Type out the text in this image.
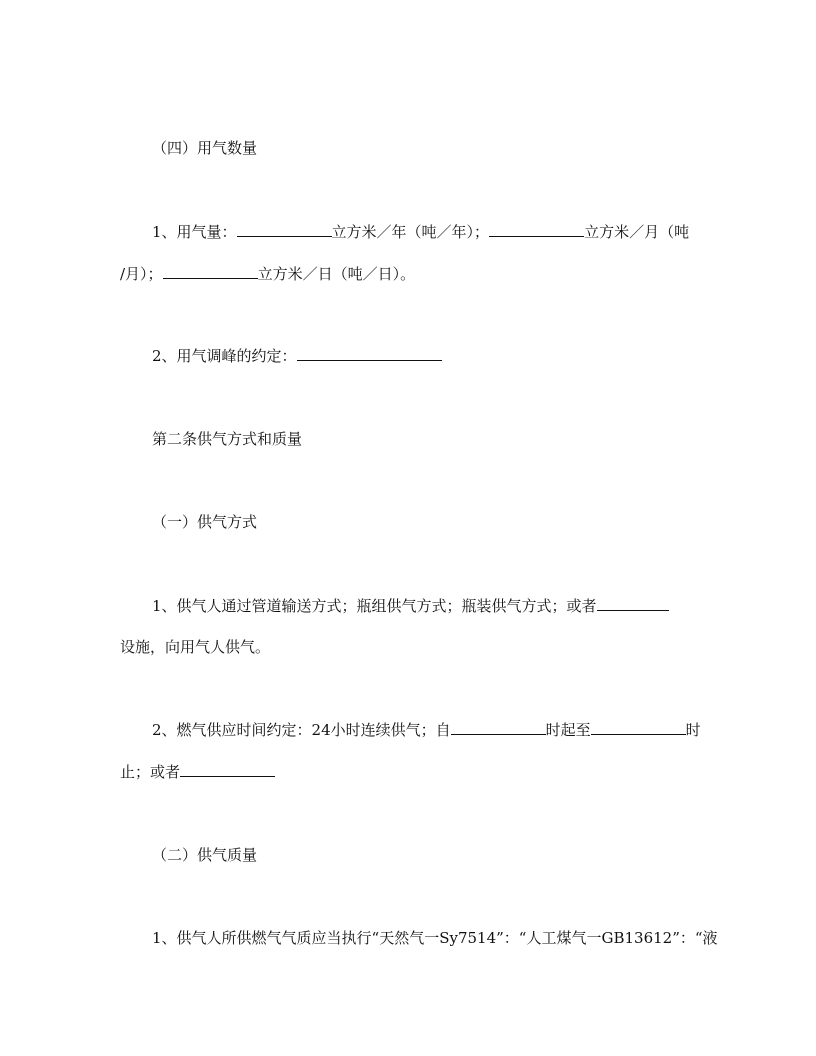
（四）用气数量
1、用气量：	立方米／年（吨／年）；	立方米／月（吨
/月）；	立方米／日（吨／日）。
2、用气调峰的约定：
第二条供气方式和质量
（一）供气方式
1、供气人通过管道输送方式；瓶组供气方式；瓶装供气方式；或者
设施，向用气人供气。
2、燃气供应时间约定：24小时连续供气；自	时起至	时
止；或者
（二）供气质量
1、供气人所供燃气气质应当执行“天然气一Sy7514”：“人工煤气一GB13612”：“液
